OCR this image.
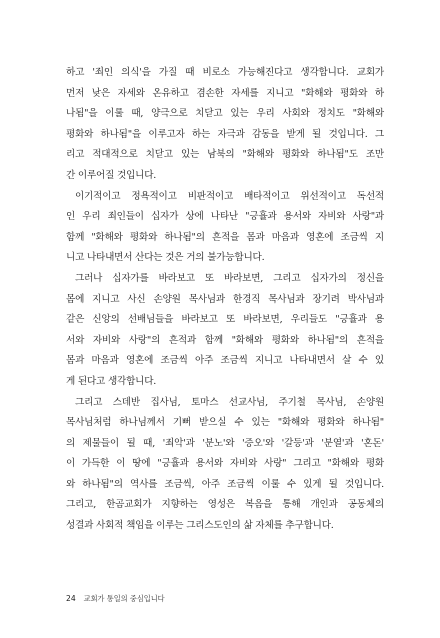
하고 '죄인 의식'을 가질 때 비로소 가능해진다고 생각합니다. 교회가
먼저 낮은 자세와 온유하고 겸손한 자세를 지니고 "화해와 평화와 하
나됨"을 이룰 때, 양극으로 치닫고 있는 우리 사회와 정치도 "화해와
평화와 하나됨"을 이루고자 하는 자극과 감동을 받게 될 것입니다. 그
리고 적대적으로 치닫고 있는 남북의 "화해와 평화와 하나됨"도 조만
간 이루어질 것입니다.
이기적이고 정욕적이고 비판적이고 배타적이고 위선적이고 독선적
인 우리 죄인들이 십자가 상에 나타난 "긍휼과 용서와 자비와 사랑"과
함께 "화해와 평화와 하나됨"의 흔적을 몸과 마음과 영혼에 조금씩 지
니고 나타내면서 산다는 것은 거의 불가능합니다.
그러나 십자가를 바라보고 또 바라보면, 그리고 십자가의 정신을
몸에 지니고 사신 손양원 목사님과 한경직 목사님과 장기려 박사님과
같은 신앙의 선배님들을 바라보고 또 바라보면, 우리들도 "긍휼과 용
서와 자비와 사랑"의 흔적과 함께 "화해와 평화와 하나됨"의 흔적을
몸과 마음과 영혼에 조금씩 아주 조금씩 지니고 나타내면서 살 수 있
게 된다고 생각합니다.
그리고 스데반 집사님, 토마스 선교사님, 주기철 목사님, 손양원
목사님처럼 하나님께서 기뻐 받으실 수 있는 "화해와 평화와 하나됨"
의 제물들이 될 때, '죄악'과 '분노'와 '증오'와 '갈등'과 '분열'과 '혼돈'
이 가득한 이 땅에 "긍휼과 용서와 자비와 사랑" 그리고 "화해와 평화
와 하나됨"의 역사를 조금씩, 아주 조금씩 이룰 수 있게 될 것입니다.
그리고, 한곰교회가 지향하는 영성은 복음을 통해 개인과 공동체의
성결과 사회적 책임을 이루는 그리스도인의 삶 자체를 추구합니다.
24 교회가 통일의 중심입니다
